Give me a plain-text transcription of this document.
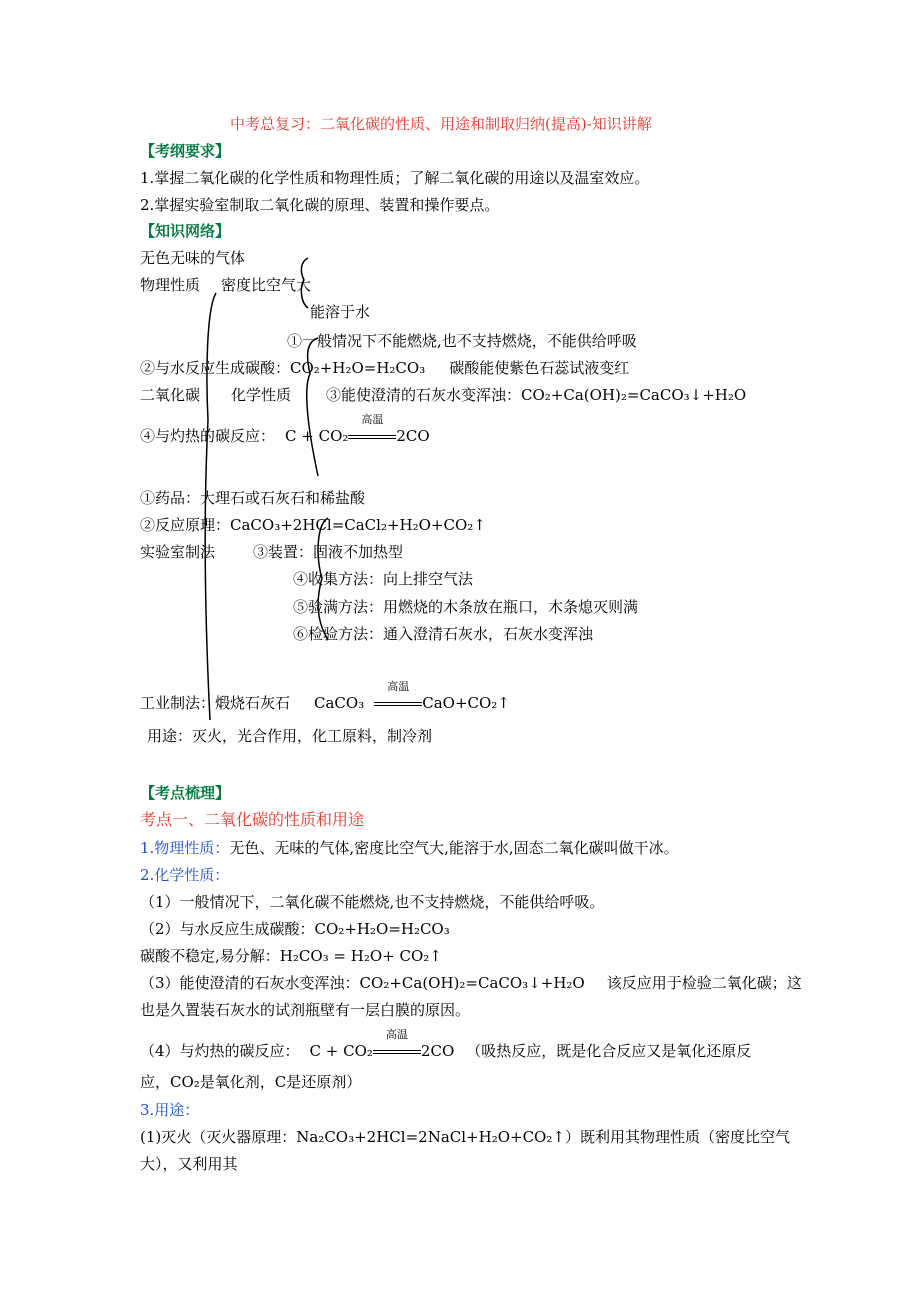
中考总复习：二氧化碳的性质、用途和制取归纳(提高)-知识讲解
【考纲要求】
1.掌握二氧化碳的化学性质和物理性质；了解二氧化碳的用途以及温室效应。
2.掌握实验室制取二氧化碳的原理、装置和操作要点。
【知识网络】
无色无味的气体
物理性质 密度比空气大
能溶于水
①一般情况下不能燃烧,也不支持燃烧，不能供给呼吸
②与水反应生成碳酸：CO₂+H₂O=H₂CO₃ 碳酸能使紫色石蕊试液变红
二氧化碳 化学性质 ③能使澄清的石灰水变浑浊：CO₂+Ca(OH)₂=CaCO₃↓+H₂O
④与灼热的碳反应： C + CO₂
高温
2CO
①药品：大理石或石灰石和稀盐酸
②反应原理：CaCO₃+2HCl=CaCl₂+H₂O+CO₂↑
实验室制法	③装置：固液不加热型
④收集方法：向上排空气法
⑤验满方法：用燃烧的木条放在瓶口，木条熄灭则满
⑥检验方法：通入澄清石灰水，石灰水变浑浊
工业制法：煅烧石灰石 CaCO₃
高温
CaO+CO₂↑
用途：灭火，光合作用，化工原料，制冷剂
【考点梳理】
考点一、二氧化碳的性质和用途
1.物理性质：无色、无味的气体,密度比空气大,能溶于水,固态二氧化碳叫做干冰。
2.化学性质：
（1）一般情况下，二氧化碳不能燃烧,也不支持燃烧，不能供给呼吸。
（2）与水反应生成碳酸：CO₂+H₂O=H₂CO₃
碳酸不稳定,易分解：H₂CO₃ = H₂O+ CO₂↑
（3）能使澄清的石灰水变浑浊：CO₂+Ca(OH)₂=CaCO₃↓+H₂O 该反应用于检验二氧化碳；这
也是久置装石灰水的试剂瓶壁有一层白膜的原因。
（4）与灼热的碳反应： C + CO₂
高温
2CO （吸热反应，既是化合反应又是氧化还原反
应，CO₂是氧化剂，C是还原剂）
3.用途：
(1)灭火（灭火器原理：Na₂CO₃+2HCl=2NaCl+H₂O+CO₂↑）既利用其物理性质（密度比空气
大），又利用其
